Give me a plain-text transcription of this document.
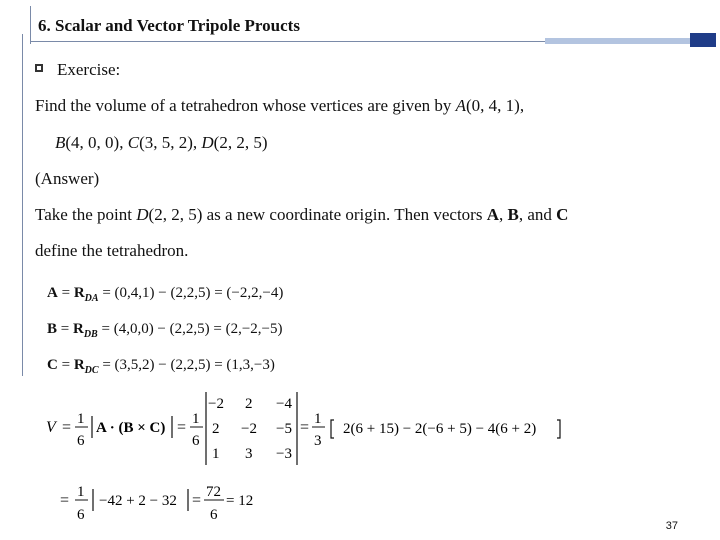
6. Scalar and Vector Tripole Proucts
Exercise:
Find the volume of a tetrahedron whose vertices are given by A(0, 4, 1),
B(4, 0, 0), C(3, 5, 2), D(2, 2, 5)
(Answer)
Take the point D(2, 2, 5) as a new coordinate origin. Then vectors A, B, and C
define the tetrahedron.
$A = R_{DA} = (0,4,1) - (2,2,5) = (-2,2,-4)$
$B = R_{DB} = (4,0,0) - (2,2,5) = (2,-2,-5)$
$C = R_{DC} = (3,5,2) - (2,2,5) = (1,3,-3)$
V = 1
6
A · (B × C) = 1
6
−2 2 −4
2 −2 −5
1 3 −3
= 1
3
2(6 + 15) − 2(−6 + 5) − 4(6 + 2)
= 1
6
−42 + 2 − 32 = 72
6
= 12
37
